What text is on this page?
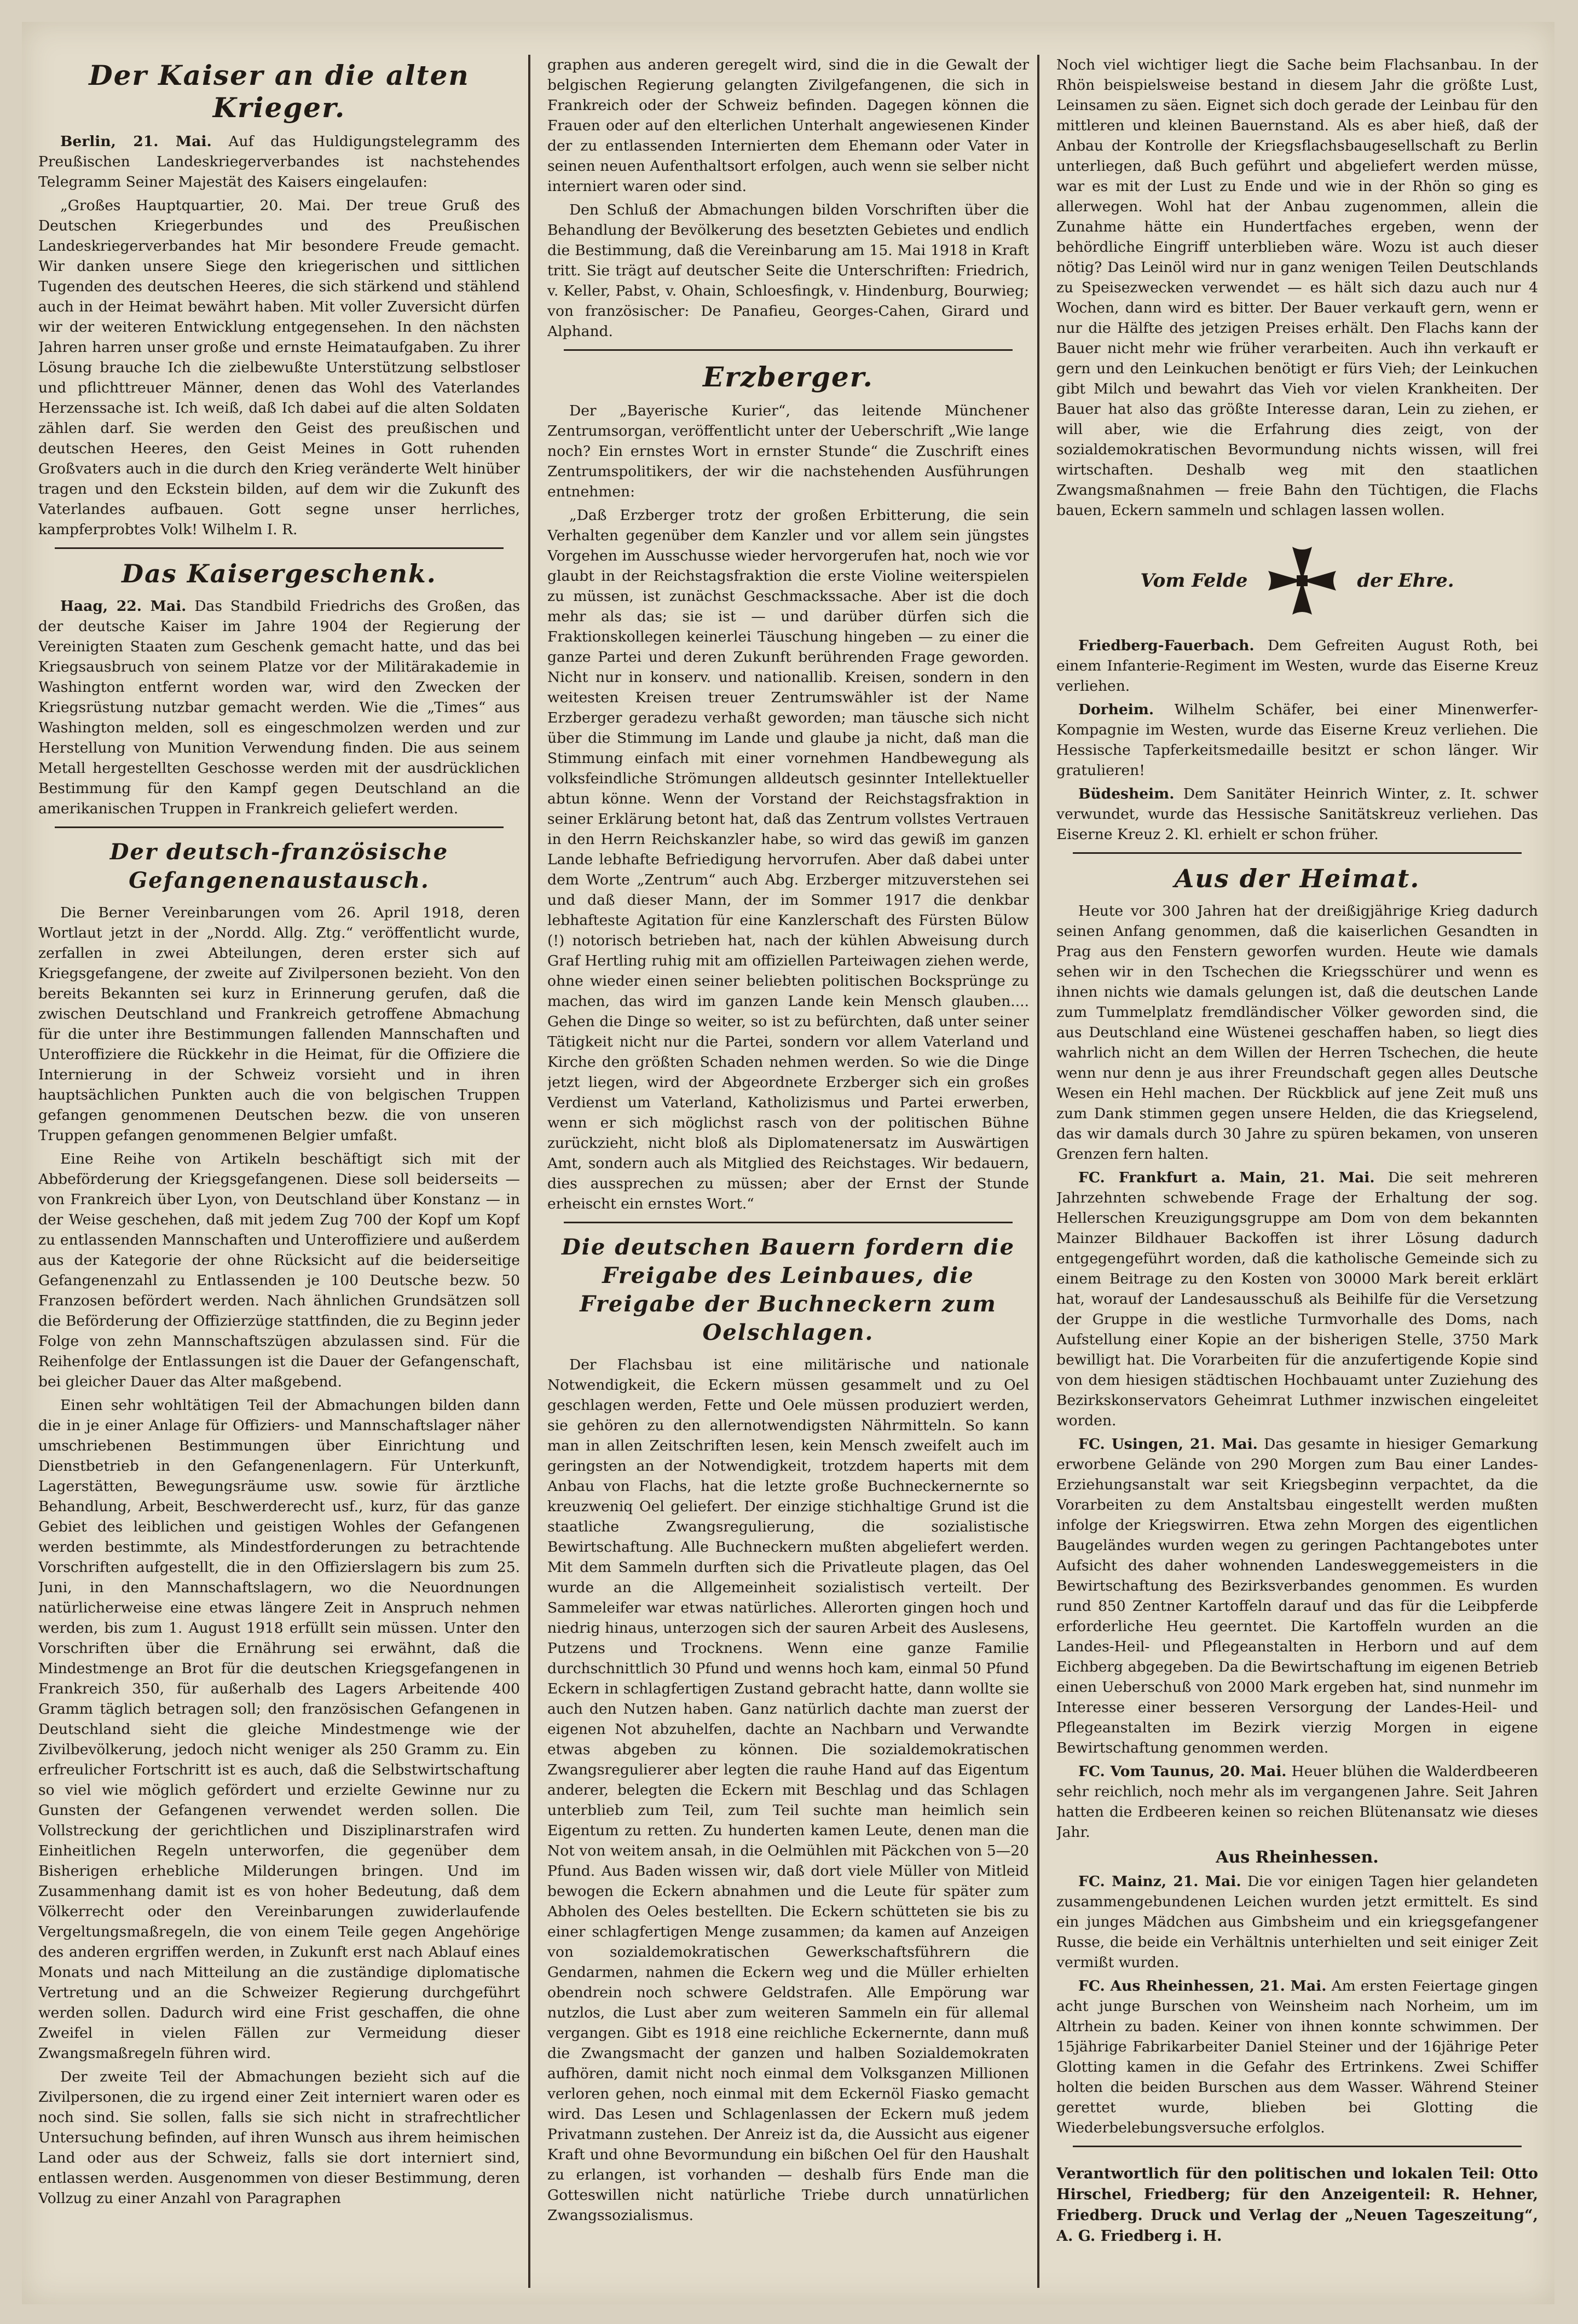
Der Kaiser an die alten Krieger.

Berlin, 21. Mai. Auf das Huldigungstelegramm des Preußischen Landeskriegerverbandes ist nachstehendes Telegramm Seiner Majestät des Kaisers eingelaufen:

„Großes Hauptquartier, 20. Mai. Der treue Gruß des Deutschen Kriegerbundes und des Preußischen Landeskriegerverbandes hat Mir besondere Freude gemacht. Wir danken unsere Siege den kriegerischen und sittlichen Tugenden des deutschen Heeres, die sich stärkend und stählend auch in der Heimat bewährt haben. Mit voller Zuversicht dürfen wir der weiteren Entwicklung entgegensehen. In den nächsten Jahren harren unser große und ernste Heimataufgaben. Zu ihrer Lösung brauche Ich die zielbewußte Unterstützung selbstloser und pflichttreuer Männer, denen das Wohl des Vaterlandes Herzenssache ist. Ich weiß, daß Ich dabei auf die alten Soldaten zählen darf. Sie werden den Geist des preußischen und deutschen Heeres, den Geist Meines in Gott ruhenden Großvaters auch in die durch den Krieg veränderte Welt hinüber tragen und den Eckstein bilden, auf dem wir die Zukunft des Vaterlandes aufbauen. Gott segne unser herrliches, kampferprobtes Volk! Wilhelm I. R.

Das Kaisergeschenk.

Haag, 22. Mai. Das Standbild Friedrichs des Großen, das der deutsche Kaiser im Jahre 1904 der Regierung der Vereinigten Staaten zum Geschenk gemacht hatte, und das bei Kriegsausbruch von seinem Platze vor der Militärakademie in Washington entfernt worden war, wird den Zwecken der Kriegsrüstung nutzbar gemacht werden. Wie die „Times“ aus Washington melden, soll es eingeschmolzen werden und zur Herstellung von Munition Verwendung finden. Die aus seinem Metall hergestellten Geschosse werden mit der ausdrücklichen Bestimmung für den Kampf gegen Deutschland an die amerikanischen Truppen in Frankreich geliefert werden.

Der deutsch-französische Gefangenenaustausch.

Die Berner Vereinbarungen vom 26. April 1918, deren Wortlaut jetzt in der „Nordd. Allg. Ztg.“ veröffentlicht wurde, zerfallen in zwei Abteilungen, deren erster sich auf Kriegsgefangene, der zweite auf Zivilpersonen bezieht. Von den bereits Bekannten sei kurz in Erinnerung gerufen, daß die zwischen Deutschland und Frankreich getroffene Abmachung für die unter ihre Bestimmungen fallenden Mannschaften und Unteroffiziere die Rückkehr in die Heimat, für die Offiziere die Internierung in der Schweiz vorsieht und in ihren hauptsächlichen Punkten auch die von belgischen Truppen gefangen genommenen Deutschen bezw. die von unseren Truppen gefangen genommenen Belgier umfaßt.

Eine Reihe von Artikeln beschäftigt sich mit der Abbeförderung der Kriegsgefangenen. Diese soll beiderseits — von Frankreich über Lyon, von Deutschland über Konstanz — in der Weise geschehen, daß mit jedem Zug 700 der Kopf um Kopf zu entlassenden Mannschaften und Unteroffiziere und außerdem aus der Kategorie der ohne Rücksicht auf die beiderseitige Gefangenenzahl zu Entlassenden je 100 Deutsche bezw. 50 Franzosen befördert werden. Nach ähnlichen Grundsätzen soll die Beförderung der Offizierzüge stattfinden, die zu Beginn jeder Folge von zehn Mannschaftszügen abzulassen sind. Für die Reihenfolge der Entlassungen ist die Dauer der Gefangenschaft, bei gleicher Dauer das Alter maßgebend.

Einen sehr wohltätigen Teil der Abmachungen bilden dann die in je einer Anlage für Offiziers- und Mannschaftslager näher umschriebenen Bestimmungen über Einrichtung und Dienstbetrieb in den Gefangenenlagern. Für Unterkunft, Lagerstätten, Bewegungsräume usw. sowie für ärztliche Behandlung, Arbeit, Beschwerderecht usf., kurz, für das ganze Gebiet des leiblichen und geistigen Wohles der Gefangenen werden bestimmte, als Mindestforderungen zu betrachtende Vorschriften aufgestellt, die in den Offizierslagern bis zum 25. Juni, in den Mannschaftslagern, wo die Neuordnungen natürlicherweise eine etwas längere Zeit in Anspruch nehmen werden, bis zum 1. August 1918 erfüllt sein müssen. Unter den Vorschriften über die Ernährung sei erwähnt, daß die Mindestmenge an Brot für die deutschen Kriegsgefangenen in Frankreich 350, für außerhalb des Lagers Arbeitende 400 Gramm täglich betragen soll; den französischen Gefangenen in Deutschland sieht die gleiche Mindestmenge wie der Zivilbevölkerung, jedoch nicht weniger als 250 Gramm zu. Ein erfreulicher Fortschritt ist es auch, daß die Selbstwirtschaftung so viel wie möglich gefördert und erzielte Gewinne nur zu Gunsten der Gefangenen verwendet werden sollen. Die Vollstreckung der gerichtlichen und Disziplinarstrafen wird Einheitlichen Regeln unterworfen, die gegenüber dem Bisherigen erhebliche Milderungen bringen. Und im Zusammenhang damit ist es von hoher Bedeutung, daß dem Völkerrecht oder den Vereinbarungen zuwiderlaufende Vergeltungsmaßregeln, die von einem Teile gegen Angehörige des anderen ergriffen werden, in Zukunft erst nach Ablauf eines Monats und nach Mitteilung an die zuständige diplomatische Vertretung und an die Schweizer Regierung durchgeführt werden sollen. Dadurch wird eine Frist geschaffen, die ohne Zweifel in vielen Fällen zur Vermeidung dieser Zwangsmaßregeln führen wird.

Der zweite Teil der Abmachungen bezieht sich auf die Zivilpersonen, die zu irgend einer Zeit interniert waren oder es noch sind. Sie sollen, falls sie sich nicht in strafrechtlicher Untersuchung befinden, auf ihren Wunsch aus ihrem heimischen Land oder aus der Schweiz, falls sie dort interniert sind, entlassen werden. Ausgenommen von dieser Bestimmung, deren Vollzug zu einer Anzahl von Paragraphen

graphen aus anderen geregelt wird, sind die in die Gewalt der belgischen Regierung gelangten Zivilgefangenen, die sich in Frankreich oder der Schweiz befinden. Dagegen können die Frauen oder auf den elterlichen Unterhalt angewiesenen Kinder der zu entlassenden Internierten dem Ehemann oder Vater in seinen neuen Aufenthaltsort erfolgen, auch wenn sie selber nicht interniert waren oder sind.

Den Schluß der Abmachungen bilden Vorschriften über die Behandlung der Bevölkerung des besetzten Gebietes und endlich die Bestimmung, daß die Vereinbarung am 15. Mai 1918 in Kraft tritt. Sie trägt auf deutscher Seite die Unterschriften: Friedrich, v. Keller, Pabst, v. Ohain, Schloesfingk, v. Hindenburg, Bourwieg; von französischer: De Panafieu, Georges-Cahen, Girard und Alphand.

Erzberger.

Der „Bayerische Kurier“, das leitende Münchener Zentrumsorgan, veröffentlicht unter der Ueberschrift „Wie lange noch? Ein ernstes Wort in ernster Stunde“ die Zuschrift eines Zentrumspolitikers, der wir die nachstehenden Ausführungen entnehmen:

„Daß Erzberger trotz der großen Erbitterung, die sein Verhalten gegenüber dem Kanzler und vor allem sein jüngstes Vorgehen im Ausschusse wieder hervorgerufen hat, noch wie vor glaubt in der Reichstagsfraktion die erste Violine weiterspielen zu müssen, ist zunächst Geschmackssache. Aber ist die doch mehr als das; sie ist — und darüber dürfen sich die Fraktionskollegen keinerlei Täuschung hingeben — zu einer die ganze Partei und deren Zukunft berührenden Frage geworden. Nicht nur in konserv. und nationallib. Kreisen, sondern in den weitesten Kreisen treuer Zentrumswähler ist der Name Erzberger geradezu verhaßt geworden; man täusche sich nicht über die Stimmung im Lande und glaube ja nicht, daß man die Stimmung einfach mit einer vornehmen Handbewegung als volksfeindliche Strömungen alldeutsch gesinnter Intellektueller abtun könne. Wenn der Vorstand der Reichstagsfraktion in seiner Erklärung betont hat, daß das Zentrum vollstes Vertrauen in den Herrn Reichskanzler habe, so wird das gewiß im ganzen Lande lebhafte Befriedigung hervorrufen. Aber daß dabei unter dem Worte „Zentrum“ auch Abg. Erzberger mitzuverstehen sei und daß dieser Mann, der im Sommer 1917 die denkbar lebhafteste Agitation für eine Kanzlerschaft des Fürsten Bülow (!) notorisch betrieben hat, nach der kühlen Abweisung durch Graf Hertling ruhig mit am offiziellen Parteiwagen ziehen werde, ohne wieder einen seiner beliebten politischen Bocksprünge zu machen, das wird im ganzen Lande kein Mensch glauben.... Gehen die Dinge so weiter, so ist zu befürchten, daß unter seiner Tätigkeit nicht nur die Partei, sondern vor allem Vaterland und Kirche den größten Schaden nehmen werden. So wie die Dinge jetzt liegen, wird der Abgeordnete Erzberger sich ein großes Verdienst um Vaterland, Katholizismus und Partei erwerben, wenn er sich möglichst rasch von der politischen Bühne zurückzieht, nicht bloß als Diplomatenersatz im Auswärtigen Amt, sondern auch als Mitglied des Reichstages. Wir bedauern, dies aussprechen zu müssen; aber der Ernst der Stunde erheischt ein ernstes Wort.“

Die deutschen Bauern fordern die Freigabe des Leinbaues, die Freigabe der Buchneckern zum Oelschlagen.

Der Flachsbau ist eine militärische und nationale Notwendigkeit, die Eckern müssen gesammelt und zu Oel geschlagen werden, Fette und Oele müssen produziert werden, sie gehören zu den allernotwendigsten Nährmitteln. So kann man in allen Zeitschriften lesen, kein Mensch zweifelt auch im geringsten an der Notwendigkeit, trotzdem haperts mit dem Anbau von Flachs, hat die letzte große Buchneckernernte so kreuzweniq Oel geliefert. Der einzige stichhaltige Grund ist die staatliche Zwangsregulierung, die sozialistische Bewirtschaftung. Alle Buchneckern mußten abgeliefert werden. Mit dem Sammeln durften sich die Privatleute plagen, das Oel wurde an die Allgemeinheit sozialistisch verteilt. Der Sammeleifer war etwas natürliches. Allerorten gingen hoch und niedrig hinaus, unterzogen sich der sauren Arbeit des Auslesens, Putzens und Trocknens. Wenn eine ganze Familie durchschnittlich 30 Pfund und wenns hoch kam, einmal 50 Pfund Eckern in schlagfertigen Zustand gebracht hatte, dann wollte sie auch den Nutzen haben. Ganz natürlich dachte man zuerst der eigenen Not abzuhelfen, dachte an Nachbarn und Verwandte etwas abgeben zu können. Die sozialdemokratischen Zwangsregulierer aber legten die rauhe Hand auf das Eigentum anderer, belegten die Eckern mit Beschlag und das Schlagen unterblieb zum Teil, zum Teil suchte man heimlich sein Eigentum zu retten. Zu hunderten kamen Leute, denen man die Not von weitem ansah, in die Oelmühlen mit Päckchen von 5—20 Pfund. Aus Baden wissen wir, daß dort viele Müller von Mitleid bewogen die Eckern abnahmen und die Leute für später zum Abholen des Oeles bestellten. Die Eckern schütteten sie bis zu einer schlagfertigen Menge zusammen; da kamen auf Anzeigen von sozialdemokratischen Gewerkschaftsführern die Gendarmen, nahmen die Eckern weg und die Müller erhielten obendrein noch schwere Geldstrafen. Alle Empörung war nutzlos, die Lust aber zum weiteren Sammeln ein für allemal vergangen. Gibt es 1918 eine reichliche Eckernernte, dann muß die Zwangsmacht der ganzen und halben Sozialdemokraten aufhören, damit nicht noch einmal dem Volksganzen Millionen verloren gehen, noch einmal mit dem Eckernöl Fiasko gemacht wird. Das Lesen und Schlagenlassen der Eckern muß jedem Privatmann zustehen. Der Anreiz ist da, die Aussicht aus eigener Kraft und ohne Bevormundung ein bißchen Oel für den Haushalt zu erlangen, ist vorhanden — deshalb fürs Ende man die Gotteswillen nicht natürliche Triebe durch unnatürlichen Zwangssozialismus.

Noch viel wichtiger liegt die Sache beim Flachsanbau. In der Rhön beispielsweise bestand in diesem Jahr die größte Lust, Leinsamen zu säen. Eignet sich doch gerade der Leinbau für den mittleren und kleinen Bauernstand. Als es aber hieß, daß der Anbau der Kontrolle der Kriegsflachsbaugesellschaft zu Berlin unterliegen, daß Buch geführt und abgeliefert werden müsse, war es mit der Lust zu Ende und wie in der Rhön so ging es allerwegen. Wohl hat der Anbau zugenommen, allein die Zunahme hätte ein Hundertfaches ergeben, wenn der behördliche Eingriff unterblieben wäre. Wozu ist auch dieser nötig? Das Leinöl wird nur in ganz wenigen Teilen Deutschlands zu Speisezwecken verwendet — es hält sich dazu auch nur 4 Wochen, dann wird es bitter. Der Bauer verkauft gern, wenn er nur die Hälfte des jetzigen Preises erhält. Den Flachs kann der Bauer nicht mehr wie früher verarbeiten. Auch ihn verkauft er gern und den Leinkuchen benötigt er fürs Vieh; der Leinkuchen gibt Milch und bewahrt das Vieh vor vielen Krankheiten. Der Bauer hat also das größte Interesse daran, Lein zu ziehen, er will aber, wie die Erfahrung dies zeigt, von der sozialdemokratischen Bevormundung nichts wissen, will frei wirtschaften. Deshalb weg mit den staatlichen Zwangsmaßnahmen — freie Bahn den Tüchtigen, die Flachs bauen, Eckern sammeln und schlagen lassen wollen.

Vom Felde	der Ehre.

Friedberg-Fauerbach. Dem Gefreiten August Roth, bei einem Infanterie-Regiment im Westen, wurde das Eiserne Kreuz verliehen.

Dorheim. Wilhelm Schäfer, bei einer Minenwerfer-Kompagnie im Westen, wurde das Eiserne Kreuz verliehen. Die Hessische Tapferkeitsmedaille besitzt er schon länger. Wir gratulieren!

Büdesheim. Dem Sanitäter Heinrich Winter, z. It. schwer verwundet, wurde das Hessische Sanitätskreuz verliehen. Das Eiserne Kreuz 2. Kl. erhielt er schon früher.

Aus der Heimat.

Heute vor 300 Jahren hat der dreißigjährige Krieg dadurch seinen Anfang genommen, daß die kaiserlichen Gesandten in Prag aus den Fenstern geworfen wurden. Heute wie damals sehen wir in den Tschechen die Kriegsschürer und wenn es ihnen nichts wie damals gelungen ist, daß die deutschen Lande zum Tummelplatz fremdländischer Völker geworden sind, die aus Deutschland eine Wüstenei geschaffen haben, so liegt dies wahrlich nicht an dem Willen der Herren Tschechen, die heute wenn nur denn je aus ihrer Freundschaft gegen alles Deutsche Wesen ein Hehl machen. Der Rückblick auf jene Zeit muß uns zum Dank stimmen gegen unsere Helden, die das Kriegselend, das wir damals durch 30 Jahre zu spüren bekamen, von unseren Grenzen fern halten.

FC. Frankfurt a. Main, 21. Mai. Die seit mehreren Jahrzehnten schwebende Frage der Erhaltung der sog. Hellerschen Kreuzigungsgruppe am Dom von dem bekannten Mainzer Bildhauer Backoffen ist ihrer Lösung dadurch entgegengeführt worden, daß die katholische Gemeinde sich zu einem Beitrage zu den Kosten von 30000 Mark bereit erklärt hat, worauf der Landesausschuß als Beihilfe für die Versetzung der Gruppe in die westliche Turmvorhalle des Doms, nach Aufstellung einer Kopie an der bisherigen Stelle, 3750 Mark bewilligt hat. Die Vorarbeiten für die anzufertigende Kopie sind von dem hiesigen städtischen Hochbauamt unter Zuziehung des Bezirkskonservators Geheimrat Luthmer inzwischen eingeleitet worden.

FC. Usingen, 21. Mai. Das gesamte in hiesiger Gemarkung erworbene Gelände von 290 Morgen zum Bau einer Landes-Erziehungsanstalt war seit Kriegsbeginn verpachtet, da die Vorarbeiten zu dem Anstaltsbau eingestellt werden mußten infolge der Kriegswirren. Etwa zehn Morgen des eigentlichen Baugeländes wurden wegen zu geringen Pachtangebotes unter Aufsicht des daher wohnenden Landesweggemeisters in die Bewirtschaftung des Bezirksverbandes genommen. Es wurden rund 850 Zentner Kartoffeln darauf und das für die Leibpferde erforderliche Heu geerntet. Die Kartoffeln wurden an die Landes-Heil- und Pflegeanstalten in Herborn und auf dem Eichberg abgegeben. Da die Bewirtschaftung im eigenen Betrieb einen Ueberschuß von 2000 Mark ergeben hat, sind nunmehr im Interesse einer besseren Versorgung der Landes-Heil- und Pflegeanstalten im Bezirk vierzig Morgen in eigene Bewirtschaftung genommen werden.

FC. Vom Taunus, 20. Mai. Heuer blühen die Walderdbeeren sehr reichlich, noch mehr als im vergangenen Jahre. Seit Jahren hatten die Erdbeeren keinen so reichen Blütenansatz wie dieses Jahr.

Aus Rheinhessen.

FC. Mainz, 21. Mai. Die vor einigen Tagen hier gelandeten zusammengebundenen Leichen wurden jetzt ermittelt. Es sind ein junges Mädchen aus Gimbsheim und ein kriegsgefangener Russe, die beide ein Verhältnis unterhielten und seit einiger Zeit vermißt wurden.

FC. Aus Rheinhessen, 21. Mai. Am ersten Feiertage gingen acht junge Burschen von Weinsheim nach Norheim, um im Altrhein zu baden. Keiner von ihnen konnte schwimmen. Der 15jährige Fabrikarbeiter Daniel Steiner und der 16jährige Peter Glotting kamen in die Gefahr des Ertrinkens. Zwei Schiffer holten die beiden Burschen aus dem Wasser. Während Steiner gerettet wurde, blieben bei Glotting die Wiederbelebungsversuche erfolglos.

Verantwortlich für den politischen und lokalen Teil: Otto Hirschel, Friedberg; für den Anzeigenteil: R. Hehner, Friedberg. Druck und Verlag der „Neuen Tageszeitung“, A. G. Friedberg i. H.
